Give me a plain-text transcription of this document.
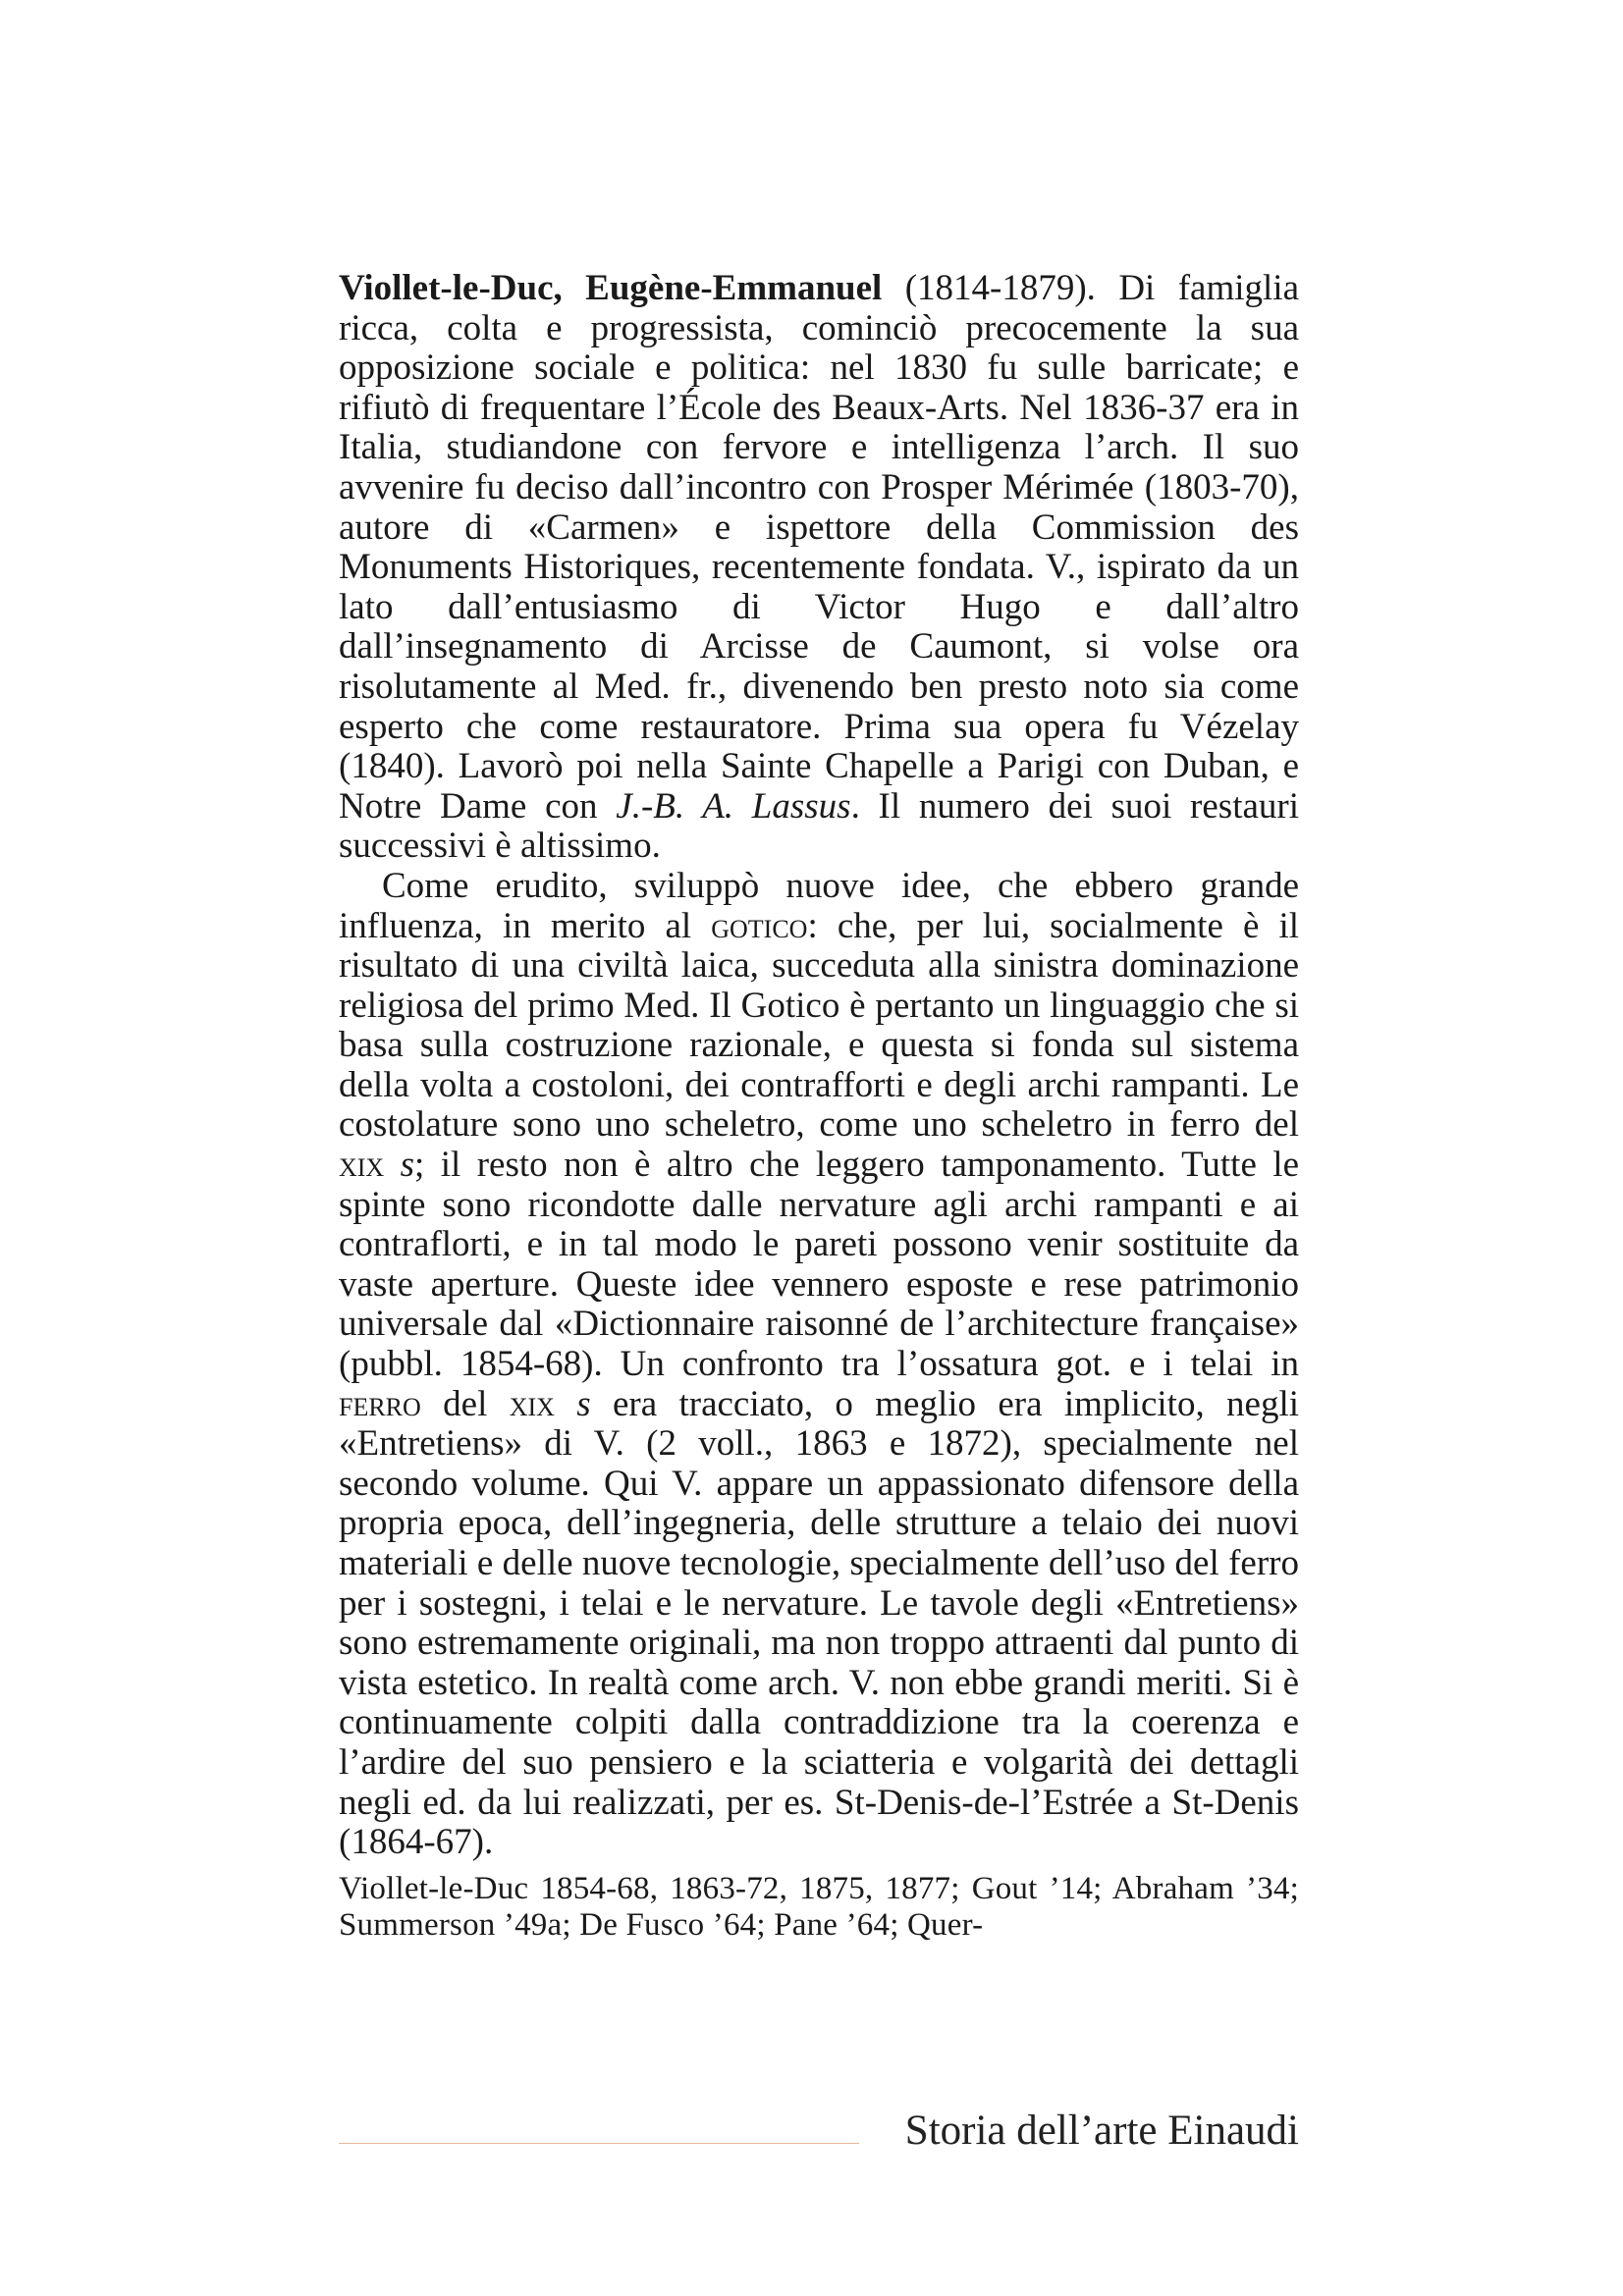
Viollet-le-Duc, Eugène-Emmanuel (1814-1879). Di famiglia ricca, colta e progressista, cominciò precocemente la sua opposizione sociale e politica: nel 1830 fu sulle barricate; e rifiutò di frequentare l’École des Beaux-Arts. Nel 1836-37 era in Italia, studiandone con fervore e intelligenza l’arch. Il suo avvenire fu deciso dall’incontro con Prosper Mérimée (1803-70), autore di «Carmen» e ispettore della Commission des Monuments Historiques, recentemente fondata. V., ispirato da un lato dall’entusiasmo di Victor Hugo e dall’altro dall’insegnamento di Arcisse de Caumont, si volse ora risolutamente al Med. fr., divenendo ben presto noto sia come esperto che come restauratore. Prima sua opera fu Vézelay (1840). Lavorò poi nella Sainte Chapelle a Parigi con Duban, e Notre Dame con J.-B. A. Lassus. Il numero dei suoi restauri successivi è altissimo.

Come erudito, sviluppò nuove idee, che ebbero grande influenza, in merito al gotico: che, per lui, socialmente è il risultato di una civiltà laica, succeduta alla sinistra dominazione religiosa del primo Med. Il Gotico è pertanto un linguaggio che si basa sulla costruzione razionale, e questa si fonda sul sistema della volta a costoloni, dei contrafforti e degli archi rampanti. Le costolature sono uno scheletro, come uno scheletro in ferro del xix s; il resto non è altro che leggero tamponamento. Tutte le spinte sono ricondotte dalle nervature agli archi rampanti e ai contraflorti, e in tal modo le pareti possono venir sostituite da vaste aperture. Queste idee vennero esposte e rese patrimonio universale dal «Dictionnaire raisonné de l’architecture française» (pubbl. 1854-68). Un confronto tra l’ossatura got. e i telai in ferro del xix s era tracciato, o meglio era implicito, negli «Entretiens» di V. (2 voll., 1863 e 1872), specialmente nel secondo volume. Qui V. appare un appassionato difensore della propria epoca, dell’ingegneria, delle strutture a telaio dei nuovi materiali e delle nuove tecnologie, specialmente dell’uso del ferro per i sostegni, i telai e le nervature. Le tavole degli «Entretiens» sono estremamente originali, ma non troppo attraenti dal punto di vista estetico. In realtà come arch. V. non ebbe grandi meriti. Si è continuamente colpiti dalla contraddizione tra la coerenza e l’ardire del suo pensiero e la sciatteria e volgarità dei dettagli negli ed. da lui realizzati, per es. St-Denis-de-l’Estrée a St-Denis (1864-67).

Viollet-le-Duc 1854-68, 1863-72, 1875, 1877; Gout ’14; Abraham ’34; Summerson ’49a; De Fusco ’64; Pane ’64; Quer-

Storia dell’arte Einaudi
